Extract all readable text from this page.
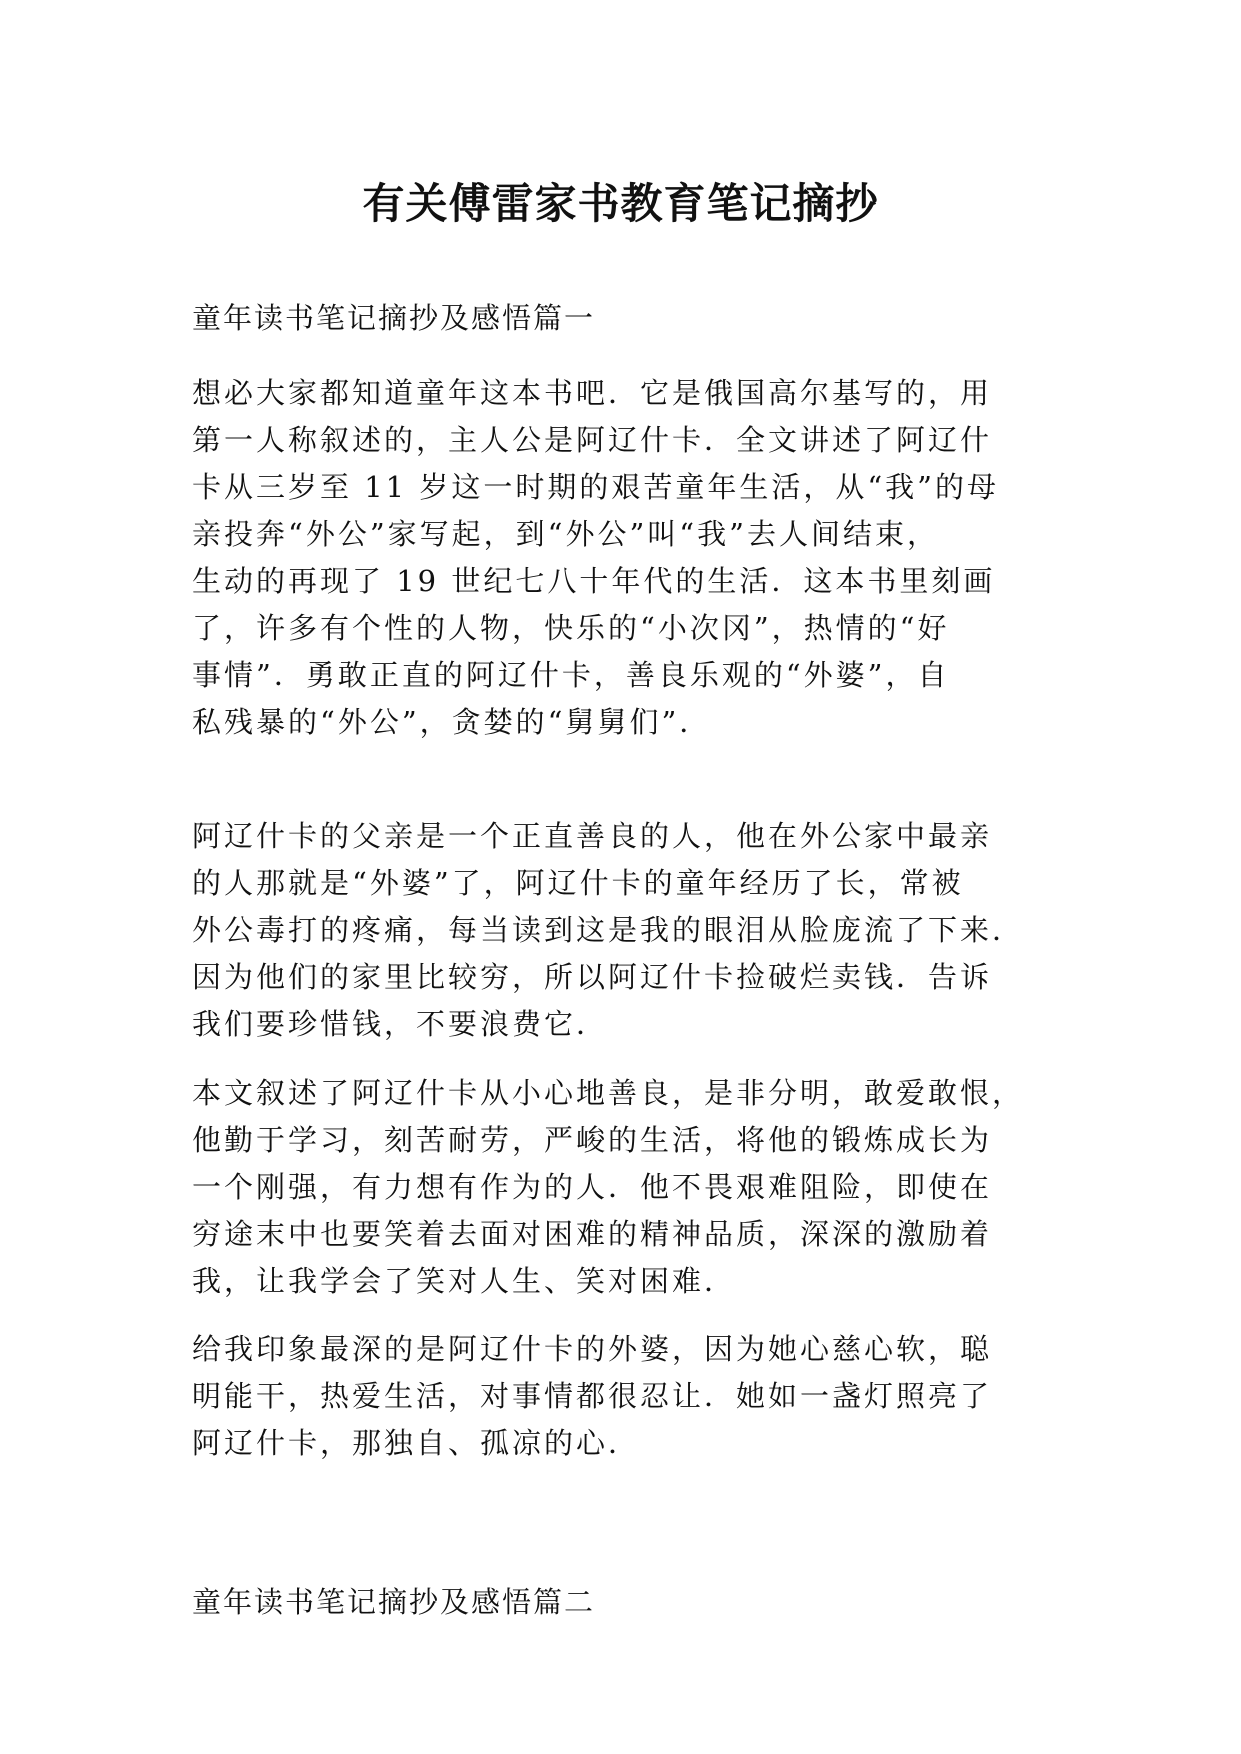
有关傅雷家书教育笔记摘抄
童年读书笔记摘抄及感悟篇一
想必大家都知道童年这本书吧．它是俄国高尔基写的，用
第一人称叙述的，主人公是阿辽什卡．全文讲述了阿辽什
卡从三岁至 11 岁这一时期的艰苦童年生活，从“我”的母
亲投奔“外公”家写起，到“外公”叫“我”去人间结束，
生动的再现了 19 世纪七八十年代的生活．这本书里刻画
了，许多有个性的人物，快乐的“小次冈”，热情的“好
事情”．勇敢正直的阿辽什卡，善良乐观的“外婆”，自
私残暴的“外公”，贪婪的“舅舅们”．
阿辽什卡的父亲是一个正直善良的人，他在外公家中最亲
的人那就是“外婆”了，阿辽什卡的童年经历了长，常被
外公毒打的疼痛，每当读到这是我的眼泪从脸庞流了下来．
因为他们的家里比较穷，所以阿辽什卡捡破烂卖钱．告诉
我们要珍惜钱，不要浪费它．
本文叙述了阿辽什卡从小心地善良，是非分明，敢爱敢恨，
他勤于学习，刻苦耐劳，严峻的生活，将他的锻炼成长为
一个刚强，有力想有作为的人．他不畏艰难阻险，即使在
穷途末中也要笑着去面对困难的精神品质，深深的激励着
我，让我学会了笑对人生、笑对困难．
给我印象最深的是阿辽什卡的外婆，因为她心慈心软，聪
明能干，热爱生活，对事情都很忍让．她如一盏灯照亮了
阿辽什卡，那独自、孤凉的心．
童年读书笔记摘抄及感悟篇二
